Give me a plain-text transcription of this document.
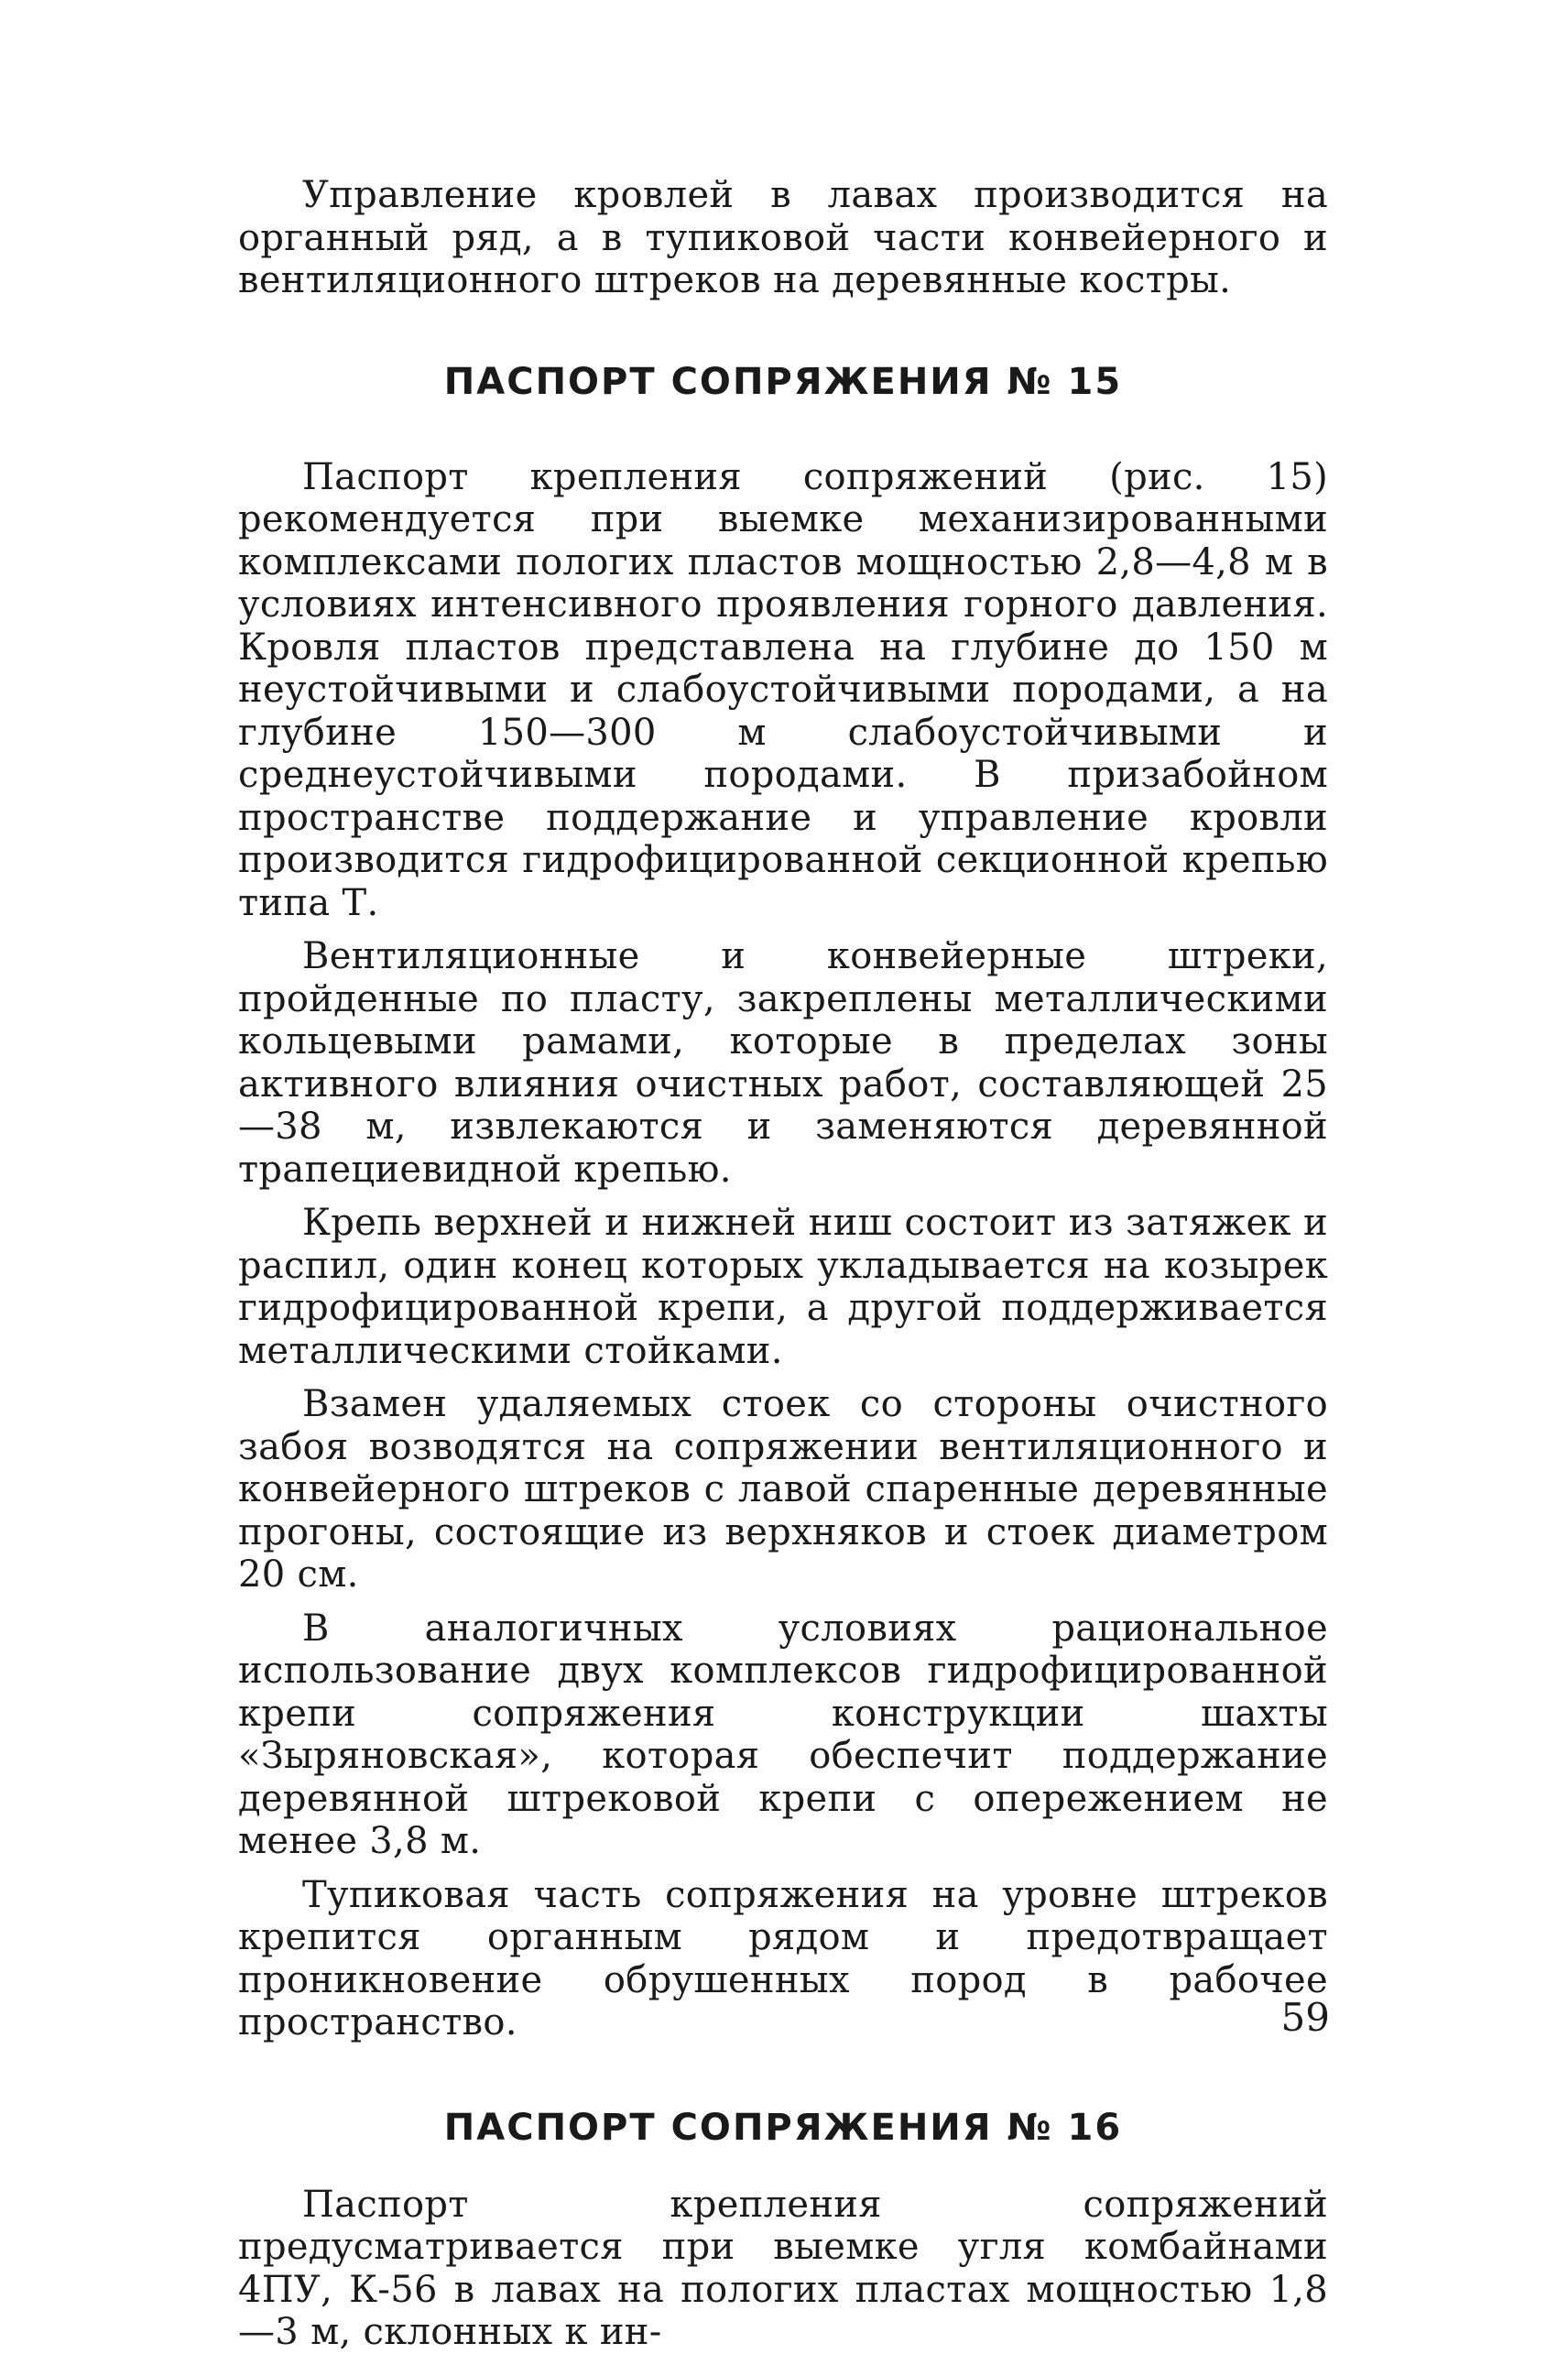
Управление кровлей в лавах производится на органный ряд, а в тупиковой части конвейерного и вентиляционного штреков на деревянные костры.

ПАСПОРТ СОПРЯЖЕНИЯ № 15

Паспорт крепления сопряжений (рис. 15) рекомендуется при выемке механизированными комплексами пологих пластов мощностью 2,8—4,8 м в условиях интенсивного проявления горного давления. Кровля пластов представлена на глубине до 150 м неустойчивыми и слабоустойчивыми породами, а на глубине 150—300 м слабоустойчивыми и среднеустойчивыми породами. В призабойном пространстве поддержание и управление кровли производится гидрофицированной секционной крепью типа Т.

Вентиляционные и конвейерные штреки, пройденные по пласту, закреплены металлическими кольцевыми рамами, которые в пределах зоны активного влияния очистных работ, составляющей 25—38 м, извлекаются и заменяются деревянной трапециевидной крепью.

Крепь верхней и нижней ниш состоит из затяжек и распил, один конец которых укладывается на козырек гидрофицированной крепи, а другой поддерживается металлическими стойками.

Взамен удаляемых стоек со стороны очистного забоя возводятся на сопряжении вентиляционного и конвейерного штреков с лавой спаренные деревянные прогоны, состоящие из верхняков и стоек диаметром 20 см.

В аналогичных условиях рациональное использование двух комплексов гидрофицированной крепи сопряжения конструкции шахты «Зыряновская», которая обеспечит поддержание деревянной штрековой крепи с опережением не менее 3,8 м.

Тупиковая часть сопряжения на уровне штреков крепится органным рядом и предотвращает проникновение обрушенных пород в рабочее пространство.

ПАСПОРТ СОПРЯЖЕНИЯ № 16

Паспорт крепления сопряжений предусматривается при выемке угля комбайнами 4ПУ, К-56 в лавах на пологих пластах мощностью 1,8—3 м, склонных к ин-

59
